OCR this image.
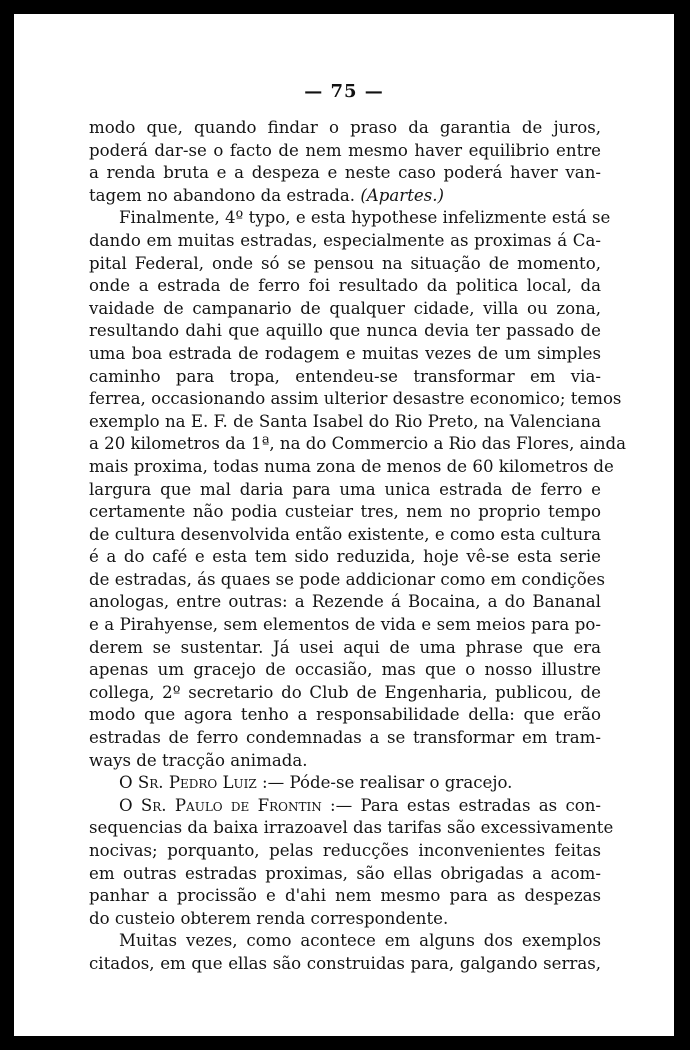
— 75 —
modo que, quando findar o praso da garantia de juros,
poderá dar-se o facto de nem mesmo haver equilibrio entre
a renda bruta e a despeza e neste caso poderá haver van-
tagem no abandono da estrada. (Apartes.)
Finalmente, 4º typo, e esta hypothese infelizmente está se
dando em muitas estradas, especialmente as proximas á Ca-
pital Federal, onde só se pensou na situação de momento,
onde a estrada de ferro foi resultado da politica local, da
vaidade de campanario de qualquer cidade, villa ou zona,
resultando dahi que aquillo que nunca devia ter passado de
uma boa estrada de rodagem e muitas vezes de um simples
caminho para tropa, entendeu-se transformar em via-
ferrea, occasionando assim ulterior desastre economico; temos
exemplo na E. F. de Santa Isabel do Rio Preto, na Valenciana
a 20 kilometros da 1ª, na do Commercio a Rio das Flores, ainda
mais proxima, todas numa zona de menos de 60 kilometros de
largura que mal daria para uma unica estrada de ferro e
certamente não podia custeiar tres, nem no proprio tempo
de cultura desenvolvida então existente, e como esta cultura
é a do café e esta tem sido reduzida, hoje vê-se esta serie
de estradas, ás quaes se pode addicionar como em condições
anologas, entre outras: a Rezende á Bocaina, a do Bananal
e a Pirahyense, sem elementos de vida e sem meios para po-
derem se sustentar. Já usei aqui de uma phrase que era
apenas um gracejo de occasião, mas que o nosso illustre
collega, 2º secretario do Club de Engenharia, publicou, de
modo que agora tenho a responsabilidade della: que erão
estradas de ferro condemnadas a se transformar em tram-
ways de tracção animada.
O Sr. Pedro Luiz :— Póde-se realisar o gracejo.
O Sr. Paulo de Frontin :— Para estas estradas as con-
sequencias da baixa irrazoavel das tarifas são excessivamente
nocivas; porquanto, pelas reducções inconvenientes feitas
em outras estradas proximas, são ellas obrigadas a acom-
panhar a procissão e d'ahi nem mesmo para as despezas
do custeio obterem renda correspondente.
Muitas vezes, como acontece em alguns dos exemplos
citados, em que ellas são construidas para, galgando serras,
